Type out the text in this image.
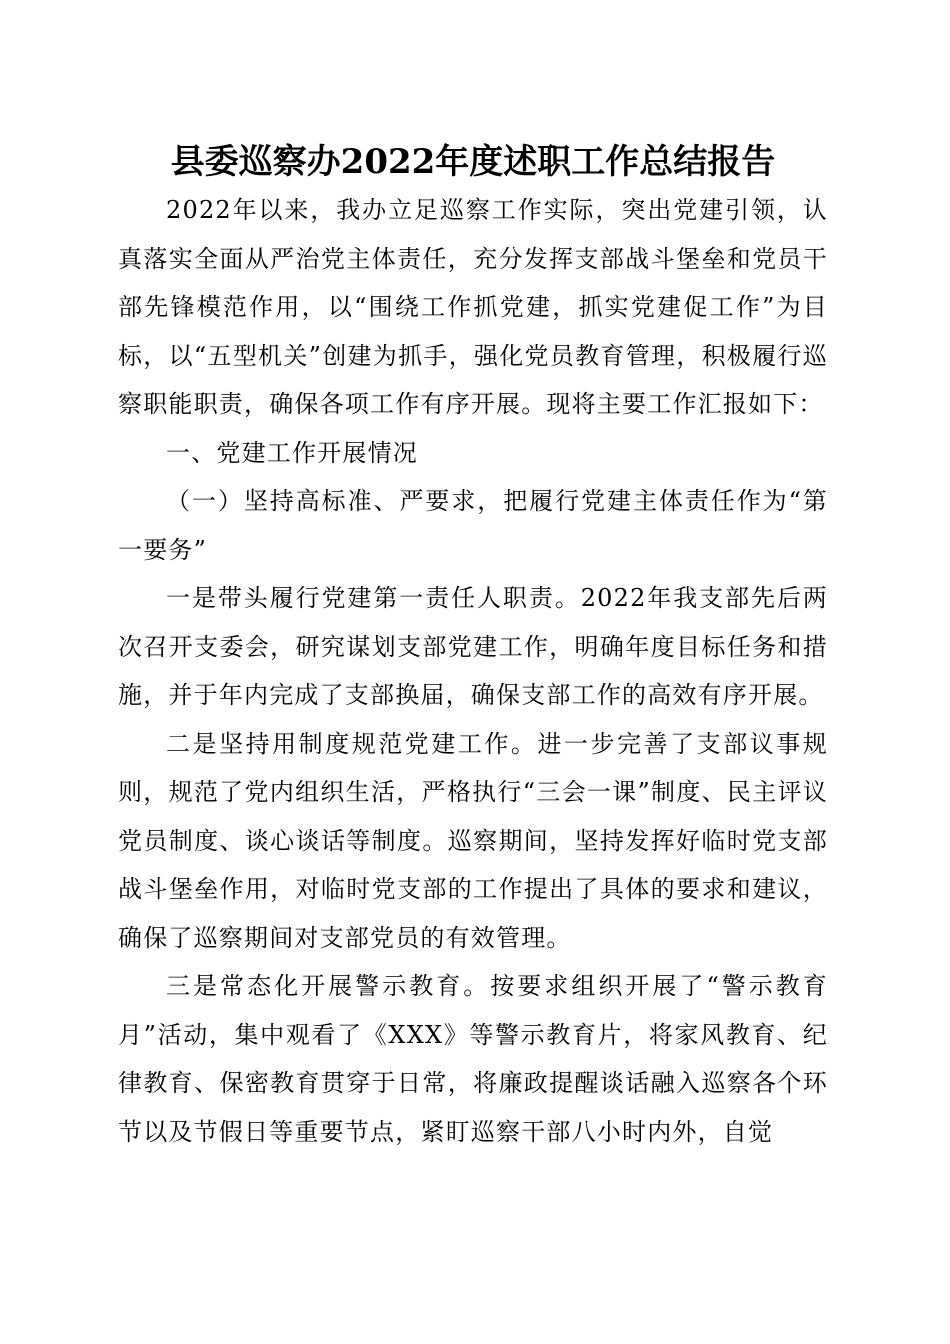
县委巡察办2022年度述职工作总结报告

2022年以来，我办立足巡察工作实际，突出党建引领，认真落实全面从严治党主体责任，充分发挥支部战斗堡垒和党员干部先锋模范作用，以“围绕工作抓党建，抓实党建促工作”为目标，以“五型机关”创建为抓手，强化党员教育管理，积极履行巡察职能职责，确保各项工作有序开展。现将主要工作汇报如下：

一、党建工作开展情况

（一）坚持高标准、严要求，把履行党建主体责任作为“第一要务”

一是带头履行党建第一责任人职责。2022年我支部先后两次召开支委会，研究谋划支部党建工作，明确年度目标任务和措施，并于年内完成了支部换届，确保支部工作的高效有序开展。

二是坚持用制度规范党建工作。进一步完善了支部议事规则，规范了党内组织生活，严格执行“三会一课”制度、民主评议党员制度、谈心谈话等制度。巡察期间，坚持发挥好临时党支部战斗堡垒作用，对临时党支部的工作提出了具体的要求和建议，确保了巡察期间对支部党员的有效管理。

三是常态化开展警示教育。按要求组织开展了“警示教育月”活动，集中观看了《XXX》等警示教育片，将家风教育、纪律教育、保密教育贯穿于日常，将廉政提醒谈话融入巡察各个环节以及节假日等重要节点，紧盯巡察干部八小时内外，自觉
